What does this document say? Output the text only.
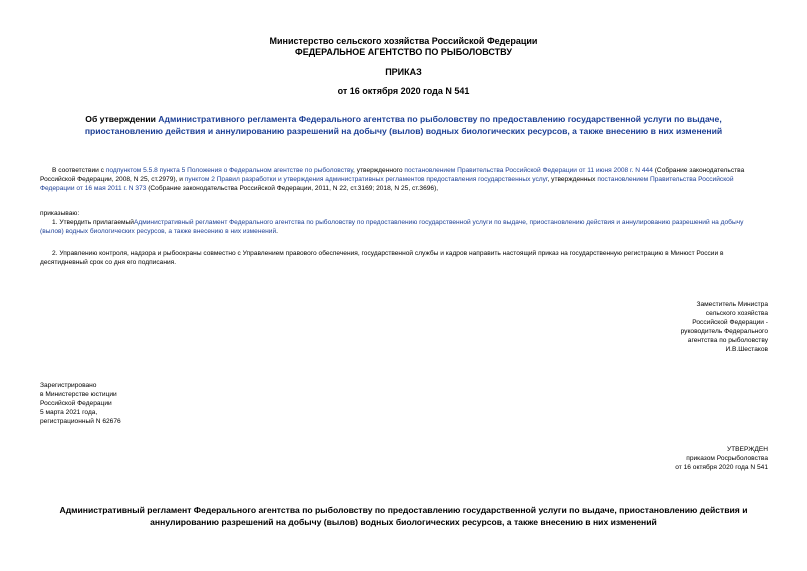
Министерство сельского хозяйства Российской Федерации
ФЕДЕРАЛЬНОЕ АГЕНТСТВО ПО РЫБОЛОВСТВУ
ПРИКАЗ
от 16 октября 2020 года N 541
Об утверждении Административного регламента Федерального агентства по рыболовству по предоставлению государственной услуги по выдаче, приостановлению действия и аннулированию разрешений на добычу (вылов) водных биологических ресурсов, а также внесению в них изменений
В соответствии с подпунктом 5.5.8 пункта 5 Положения о Федеральном агентстве по рыболовству, утвержденного постановлением Правительства Российской Федерации от 11 июня 2008 г. N 444 (Собрание законодательства Российской Федерации, 2008, N 25, ст.2979), и пунктом 2 Правил разработки и утверждения административных регламентов предоставления государственных услуг, утвержденных постановлением Правительства Российской Федерации от 16 мая 2011 г. N 373 (Собрание законодательства Российской Федерации, 2011, N 22, ст.3169; 2018, N 25, ст.3696),
приказываю:
1. Утвердить прилагаемыйАдминистративный регламент Федерального агентства по рыболовству по предоставлению государственной услуги по выдаче, приостановлению действия и аннулированию разрешений на добычу (вылов) водных биологических ресурсов, а также внесению в них изменений.
2. Управлению контроля, надзора и рыбоохраны совместно с Управлением правового обеспечения, государственной службы и кадров направить настоящий приказ на государственную регистрацию в Минюст России в десятидневный срок со дня его подписания.
Заместитель Министра
сельского хозяйства
Российской Федерации -
руководитель Федерального
агентства по рыболовству
И.В.Шестаков
Зарегистрировано
в Министерстве юстиции
Российской Федерации
5 марта 2021 года,
регистрационный N 62676
УТВЕРЖДЕН
приказом Росрыболовства
от 16 октября 2020 года N 541
Административный регламент Федерального агентства по рыболовству по предоставлению государственной услуги по выдаче, приостановлению действия и аннулированию разрешений на добычу (вылов) водных биологических ресурсов, а также внесению в них изменений
